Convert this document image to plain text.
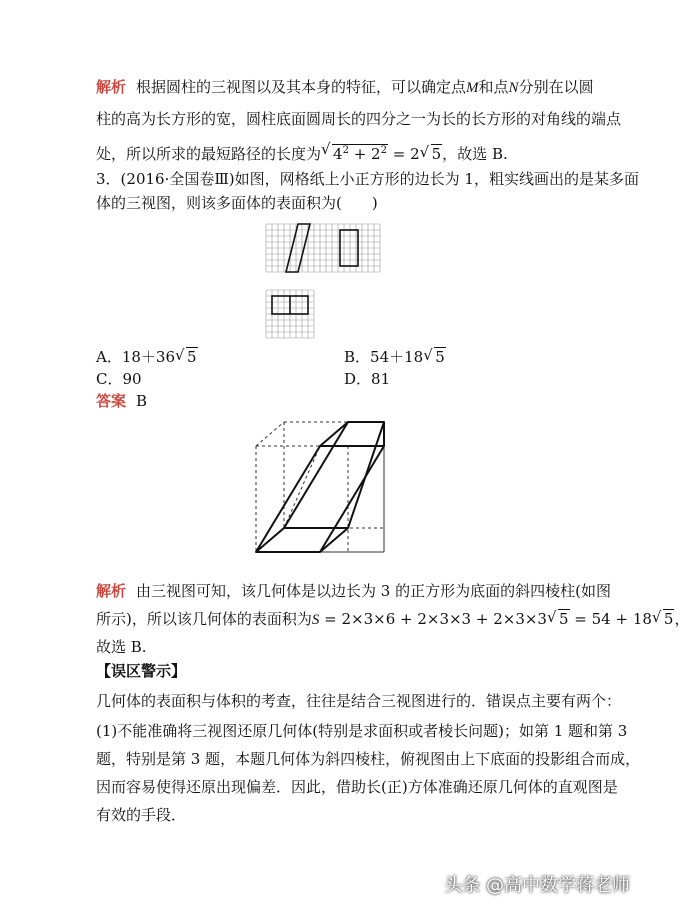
解析 根据圆柱的三视图以及其本身的特征，可以确定点M和点N分别在以圆
柱的高为长方形的宽，圆柱底面圆周长的四分之一为长的长方形的对角线的端点
处，所以所求的最短路径的长度为√ $4^2 + 2^2 = 2√$ 5，故选 B.
3．(2016·全国卷Ⅲ)如图，网格纸上小正方形的边长为 1，粗实线画出的是某多面
体的三视图，则该多面体的表面积为(　　)
A．18＋36√ 5	B．54＋18√ 5
C．90	D．81
答案 B
解析 由三视图可知，该几何体是以边长为 3 的正方形为底面的斜四棱柱(如图
所示)，所以该几何体的表面积为S = 2×3×6 + 2×3×3 + 2×3×3√ 5 = 54 + 18√ 5，
故选 B.
【误区警示】
几何体的表面积与体积的考查，往往是结合三视图进行的．错误点主要有两个：
(1)不能准确将三视图还原几何体(特别是求面积或者棱长问题)；如第 1 题和第 3
题，特别是第 3 题，本题几何体为斜四棱柱，俯视图由上下底面的投影组合而成，
因而容易使得还原出现偏差．因此，借助长(正)方体准确还原几何体的直观图是
有效的手段．
头条 @高中数学蒋老师
